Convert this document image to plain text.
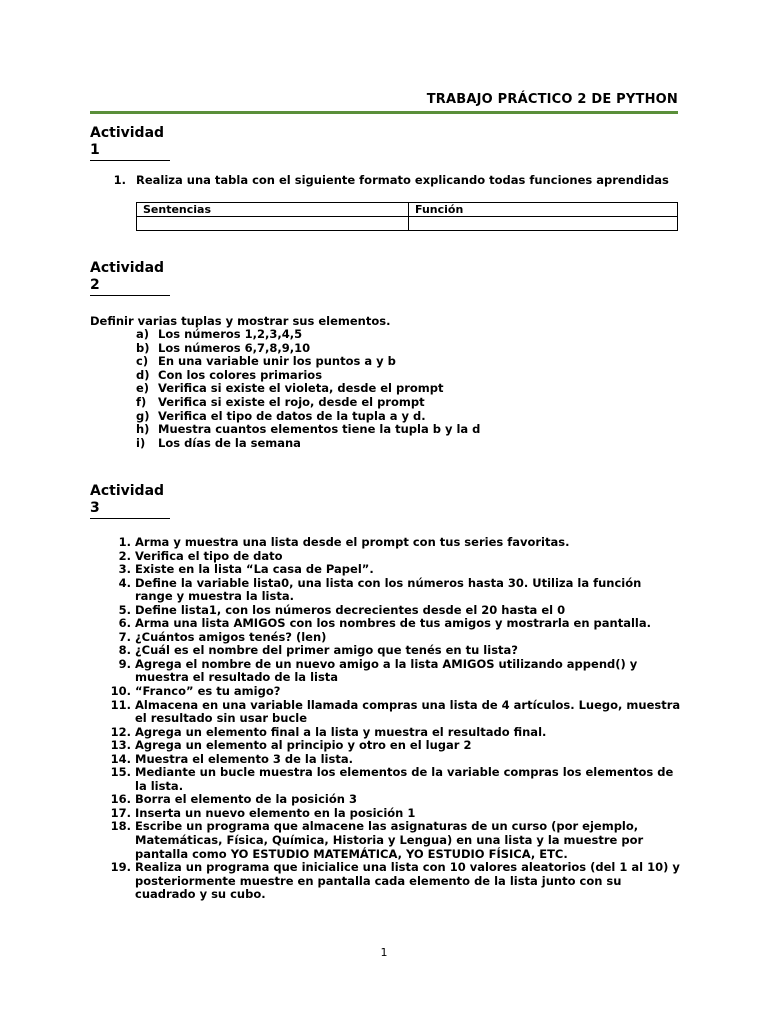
TRABAJO PRÁCTICO 2 DE PYTHON
Actividad
1
1. Realiza una tabla con el siguiente formato explicando todas funciones aprendidas
Sentencias	Función

Actividad
2
Definir varias tuplas y mostrar sus elementos.
a) Los números 1,2,3,4,5
b) Los números 6,7,8,9,10
c) En una variable unir los puntos a y b
d) Con los colores primarios
e) Verifica si existe el violeta, desde el prompt
f) Verifica si existe el rojo, desde el prompt
g) Verifica el tipo de datos de la tupla a y d.
h) Muestra cuantos elementos tiene la tupla b y la d
i) Los días de la semana
Actividad
3
1. Arma y muestra una lista desde el prompt con tus series favoritas.
2. Verifica el tipo de dato
3. Existe en la lista “La casa de Papel”.
4. Define la variable lista0, una lista con los números hasta 30. Utiliza la función range y muestra la lista.
5. Define lista1, con los números decrecientes desde el 20 hasta el 0
6. Arma una lista AMIGOS con los nombres de tus amigos y mostrarla en pantalla.
7. ¿Cuántos amigos tenés? (len)
8. ¿Cuál es el nombre del primer amigo que tenés en tu lista?
9. Agrega el nombre de un nuevo amigo a la lista AMIGOS utilizando append() y muestra el resultado de la lista
10. “Franco” es tu amigo?
11. Almacena en una variable llamada compras una lista de 4 artículos. Luego, muestra el resultado sin usar bucle
12. Agrega un elemento final a la lista y muestra el resultado final.
13. Agrega un elemento al principio y otro en el lugar 2
14. Muestra el elemento 3 de la lista.
15. Mediante un bucle muestra los elementos de la variable compras los elementos de la lista.
16. Borra el elemento de la posición 3
17. Inserta un nuevo elemento en la posición 1
18. Escribe un programa que almacene las asignaturas de un curso (por ejemplo, Matemáticas, Física, Química, Historia y Lengua) en una lista y la muestre por pantalla como YO ESTUDIO MATEMÁTICA, YO ESTUDIO FÍSICA, ETC.
19. Realiza un programa que inicialice una lista con 10 valores aleatorios (del 1 al 10) y posteriormente muestre en pantalla cada elemento de la lista junto con su cuadrado y su cubo.
1
